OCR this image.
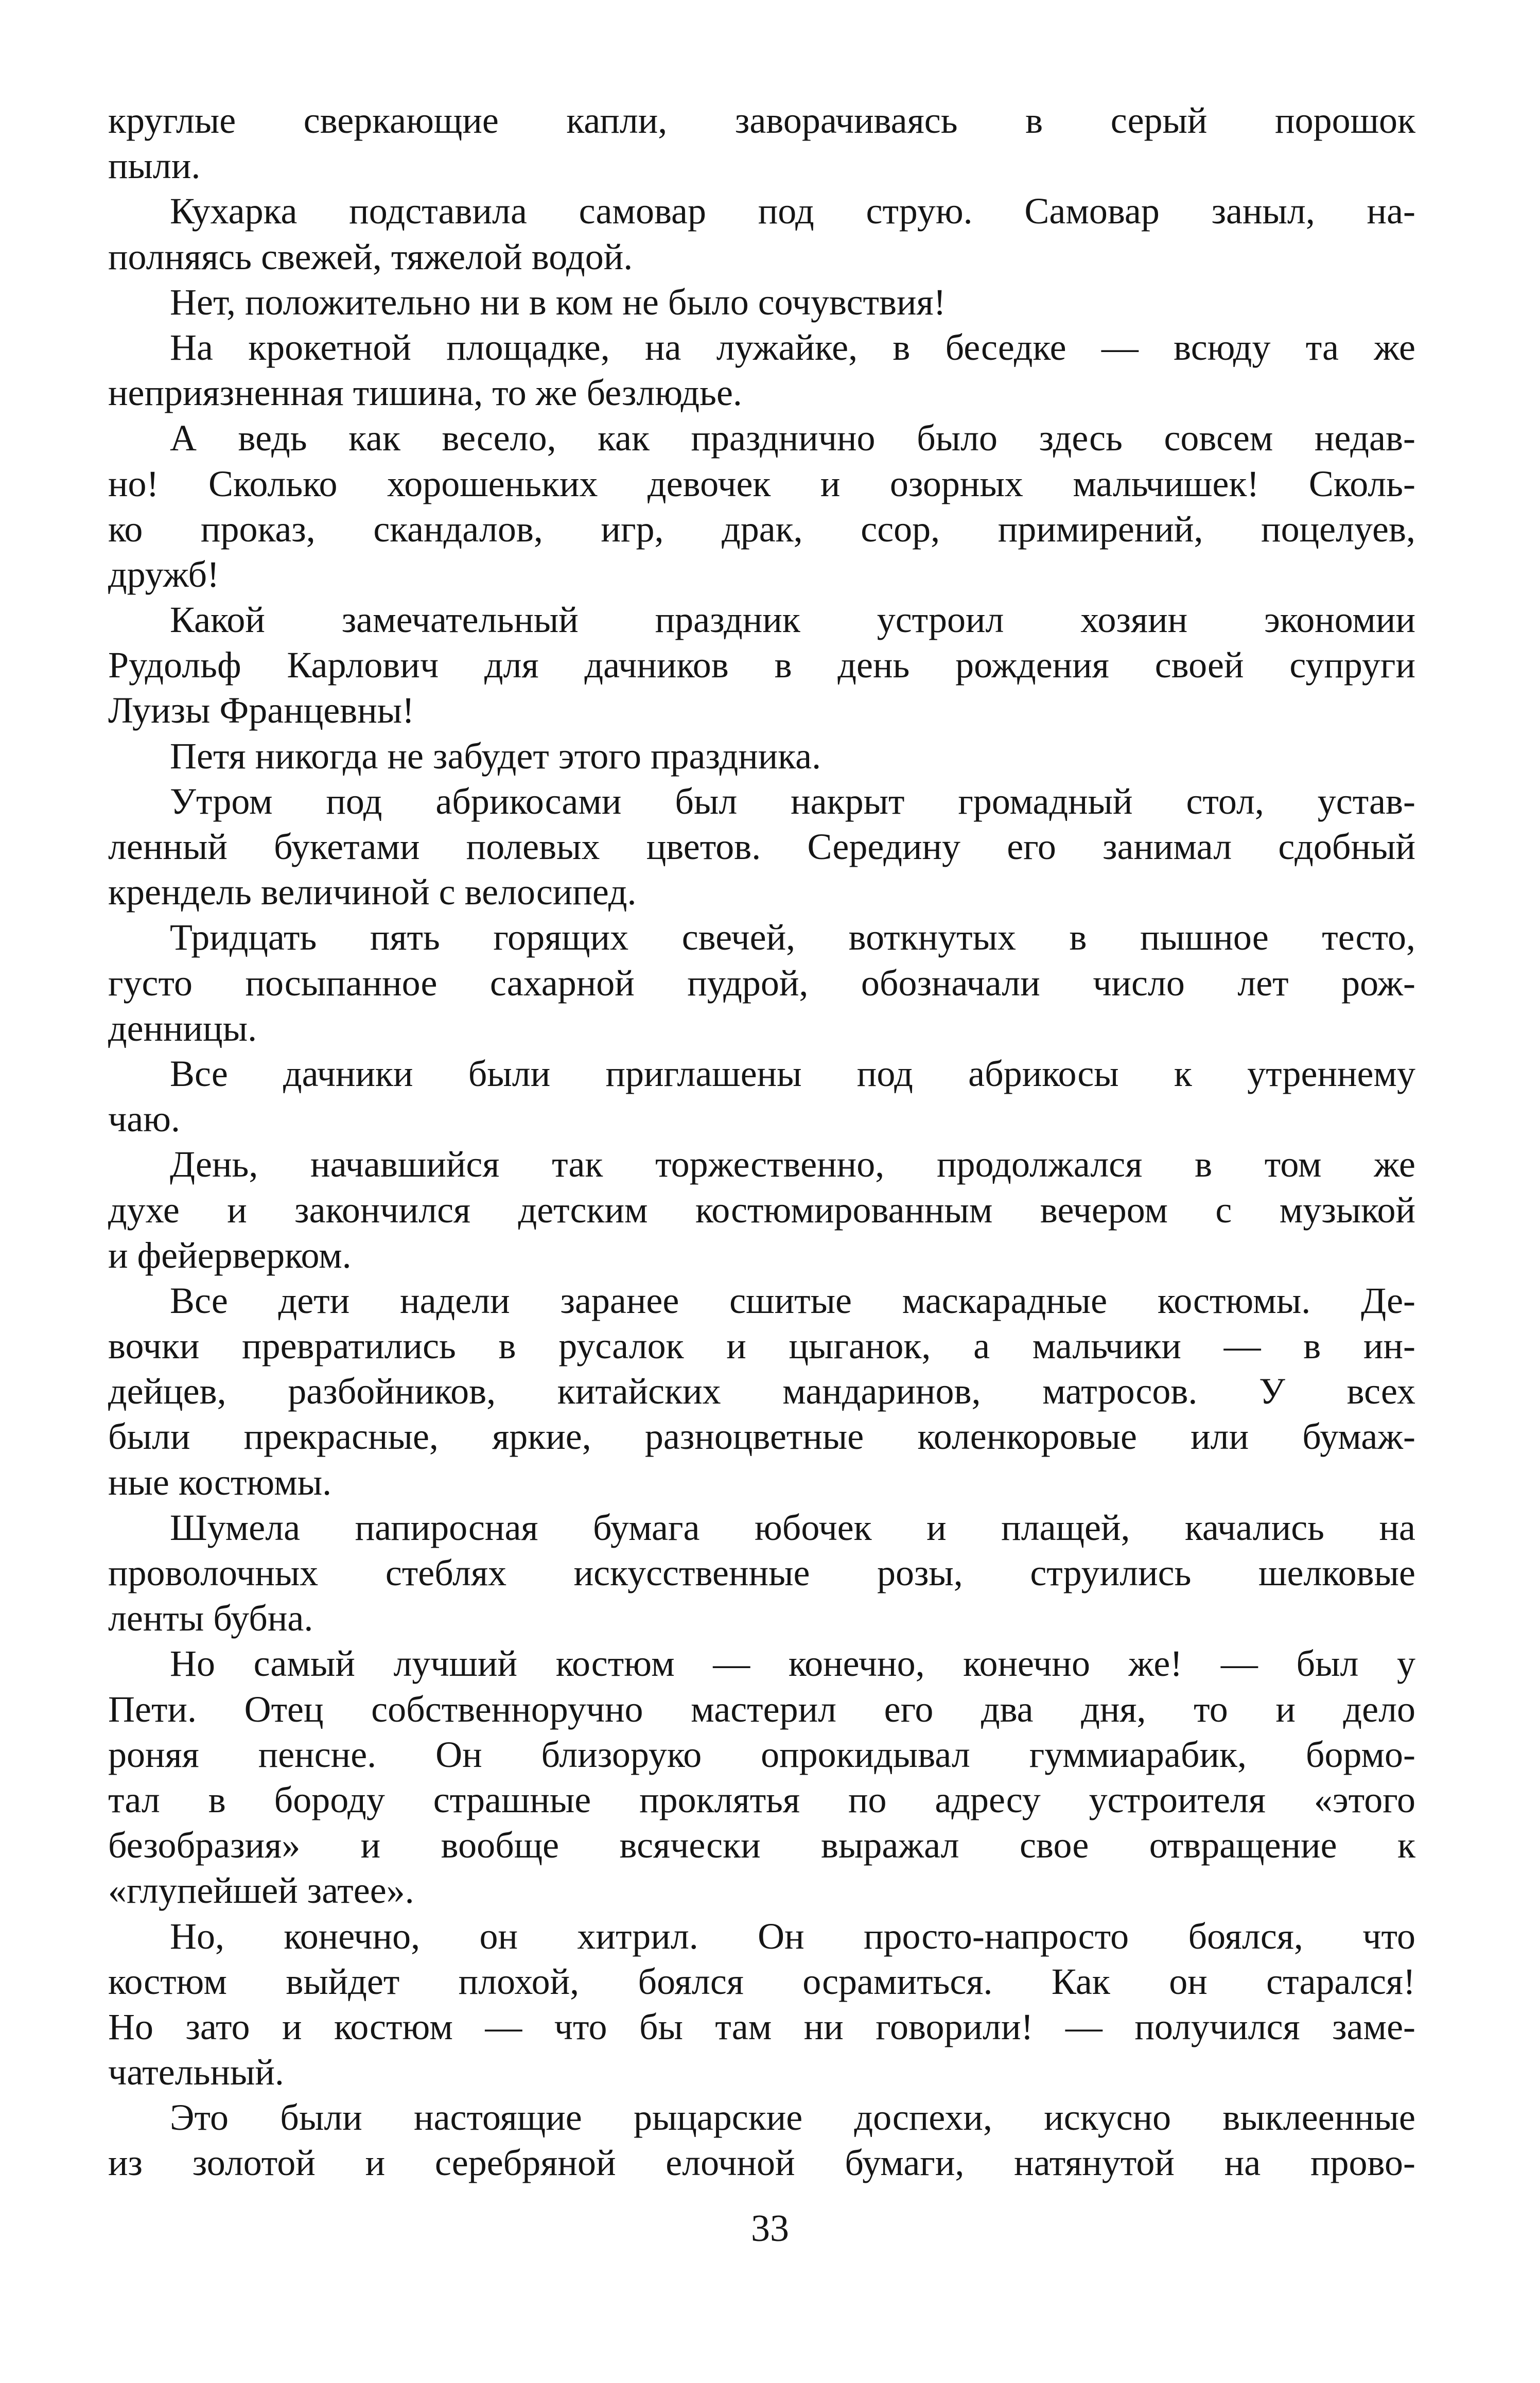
круглые сверкающие капли, заворачиваясь в серый порошок
пыли.
Кухарка подставила самовар под струю. Самовар заныл, на-
полняясь свежей, тяжелой водой.
Нет, положительно ни в ком не было сочувствия!
На крокетной площадке, на лужайке, в беседке — всюду та же
неприязненная тишина, то же безлюдье.
А ведь как весело, как празднично было здесь совсем недав-
но! Сколько хорошеньких девочек и озорных мальчишек! Сколь-
ко проказ, скандалов, игр, драк, ссор, примирений, поцелуев,
дружб!
Какой замечательный праздник устроил хозяин экономии
Рудольф Карлович для дачников в день рождения своей супруги
Луизы Францевны!
Петя никогда не забудет этого праздника.
Утром под абрикосами был накрыт громадный стол, устав-
ленный букетами полевых цветов. Середину его занимал сдобный
крендель величиной с велосипед.
Тридцать пять горящих свечей, воткнутых в пышное тесто,
густо посыпанное сахарной пудрой, обозначали число лет рож-
денницы.
Все дачники были приглашены под абрикосы к утреннему
чаю.
День, начавшийся так торжественно, продолжался в том же
духе и закончился детским костюмированным вечером с музыкой
и фейерверком.
Все дети надели заранее сшитые маскарадные костюмы. Де-
вочки превратились в русалок и цыганок, а мальчики — в ин-
дейцев, разбойников, китайских мандаринов, матросов. У всех
были прекрасные, яркие, разноцветные коленкоровые или бумаж-
ные костюмы.
Шумела папиросная бумага юбочек и плащей, качались на
проволочных стеблях искусственные розы, струились шелковые
ленты бубна.
Но самый лучший костюм — конечно, конечно же! — был у
Пети. Отец собственноручно мастерил его два дня, то и дело
роняя пенсне. Он близоруко опрокидывал гуммиарабик, бормо-
тал в бороду страшные проклятья по адресу устроителя «этого
безобразия» и вообще всячески выражал свое отвращение к
«глупейшей затее».
Но, конечно, он хитрил. Он просто-напросто боялся, что
костюм выйдет плохой, боялся осрамиться. Как он старался!
Но зато и костюм — что бы там ни говорили! — получился заме-
чательный.
Это были настоящие рыцарские доспехи, искусно выклеенные
из золотой и серебряной елочной бумаги, натянутой на прово-
33
